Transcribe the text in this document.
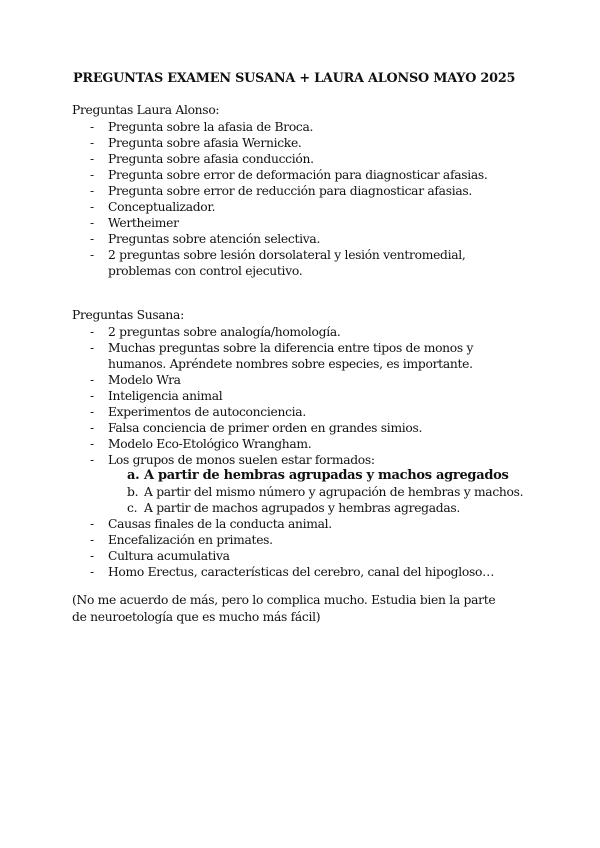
PREGUNTAS EXAMEN SUSANA + LAURA ALONSO MAYO 2025
Preguntas Laura Alonso:
- Pregunta sobre la afasia de Broca.
- Pregunta sobre afasia Wernicke.
- Pregunta sobre afasia conducción.
- Pregunta sobre error de deformación para diagnosticar afasias.
- Pregunta sobre error de reducción para diagnosticar afasias.
- Conceptualizador.
- Wertheimer
- Preguntas sobre atención selectiva.
- 2 preguntas sobre lesión dorsolateral y lesión ventromedial, problemas con control ejecutivo.
Preguntas Susana:
- 2 preguntas sobre analogía/homología.
- Muchas preguntas sobre la diferencia entre tipos de monos y humanos. Apréndete nombres sobre especies, es importante.
- Modelo Wra
- Inteligencia animal
- Experimentos de autoconciencia.
- Falsa conciencia de primer orden en grandes simios.
- Modelo Eco-Etológico Wrangham.
- Los grupos de monos suelen estar formados:
a. A partir de hembras agrupadas y machos agregados
b. A partir del mismo número y agrupación de hembras y machos.
c. A partir de machos agrupados y hembras agregadas.
- Causas finales de la conducta animal.
- Encefalización en primates.
- Cultura acumulativa
- Homo Erectus, características del cerebro, canal del hipogloso…
(No me acuerdo de más, pero lo complica mucho. Estudia bien la parte de neuroetología que es mucho más fácil)
